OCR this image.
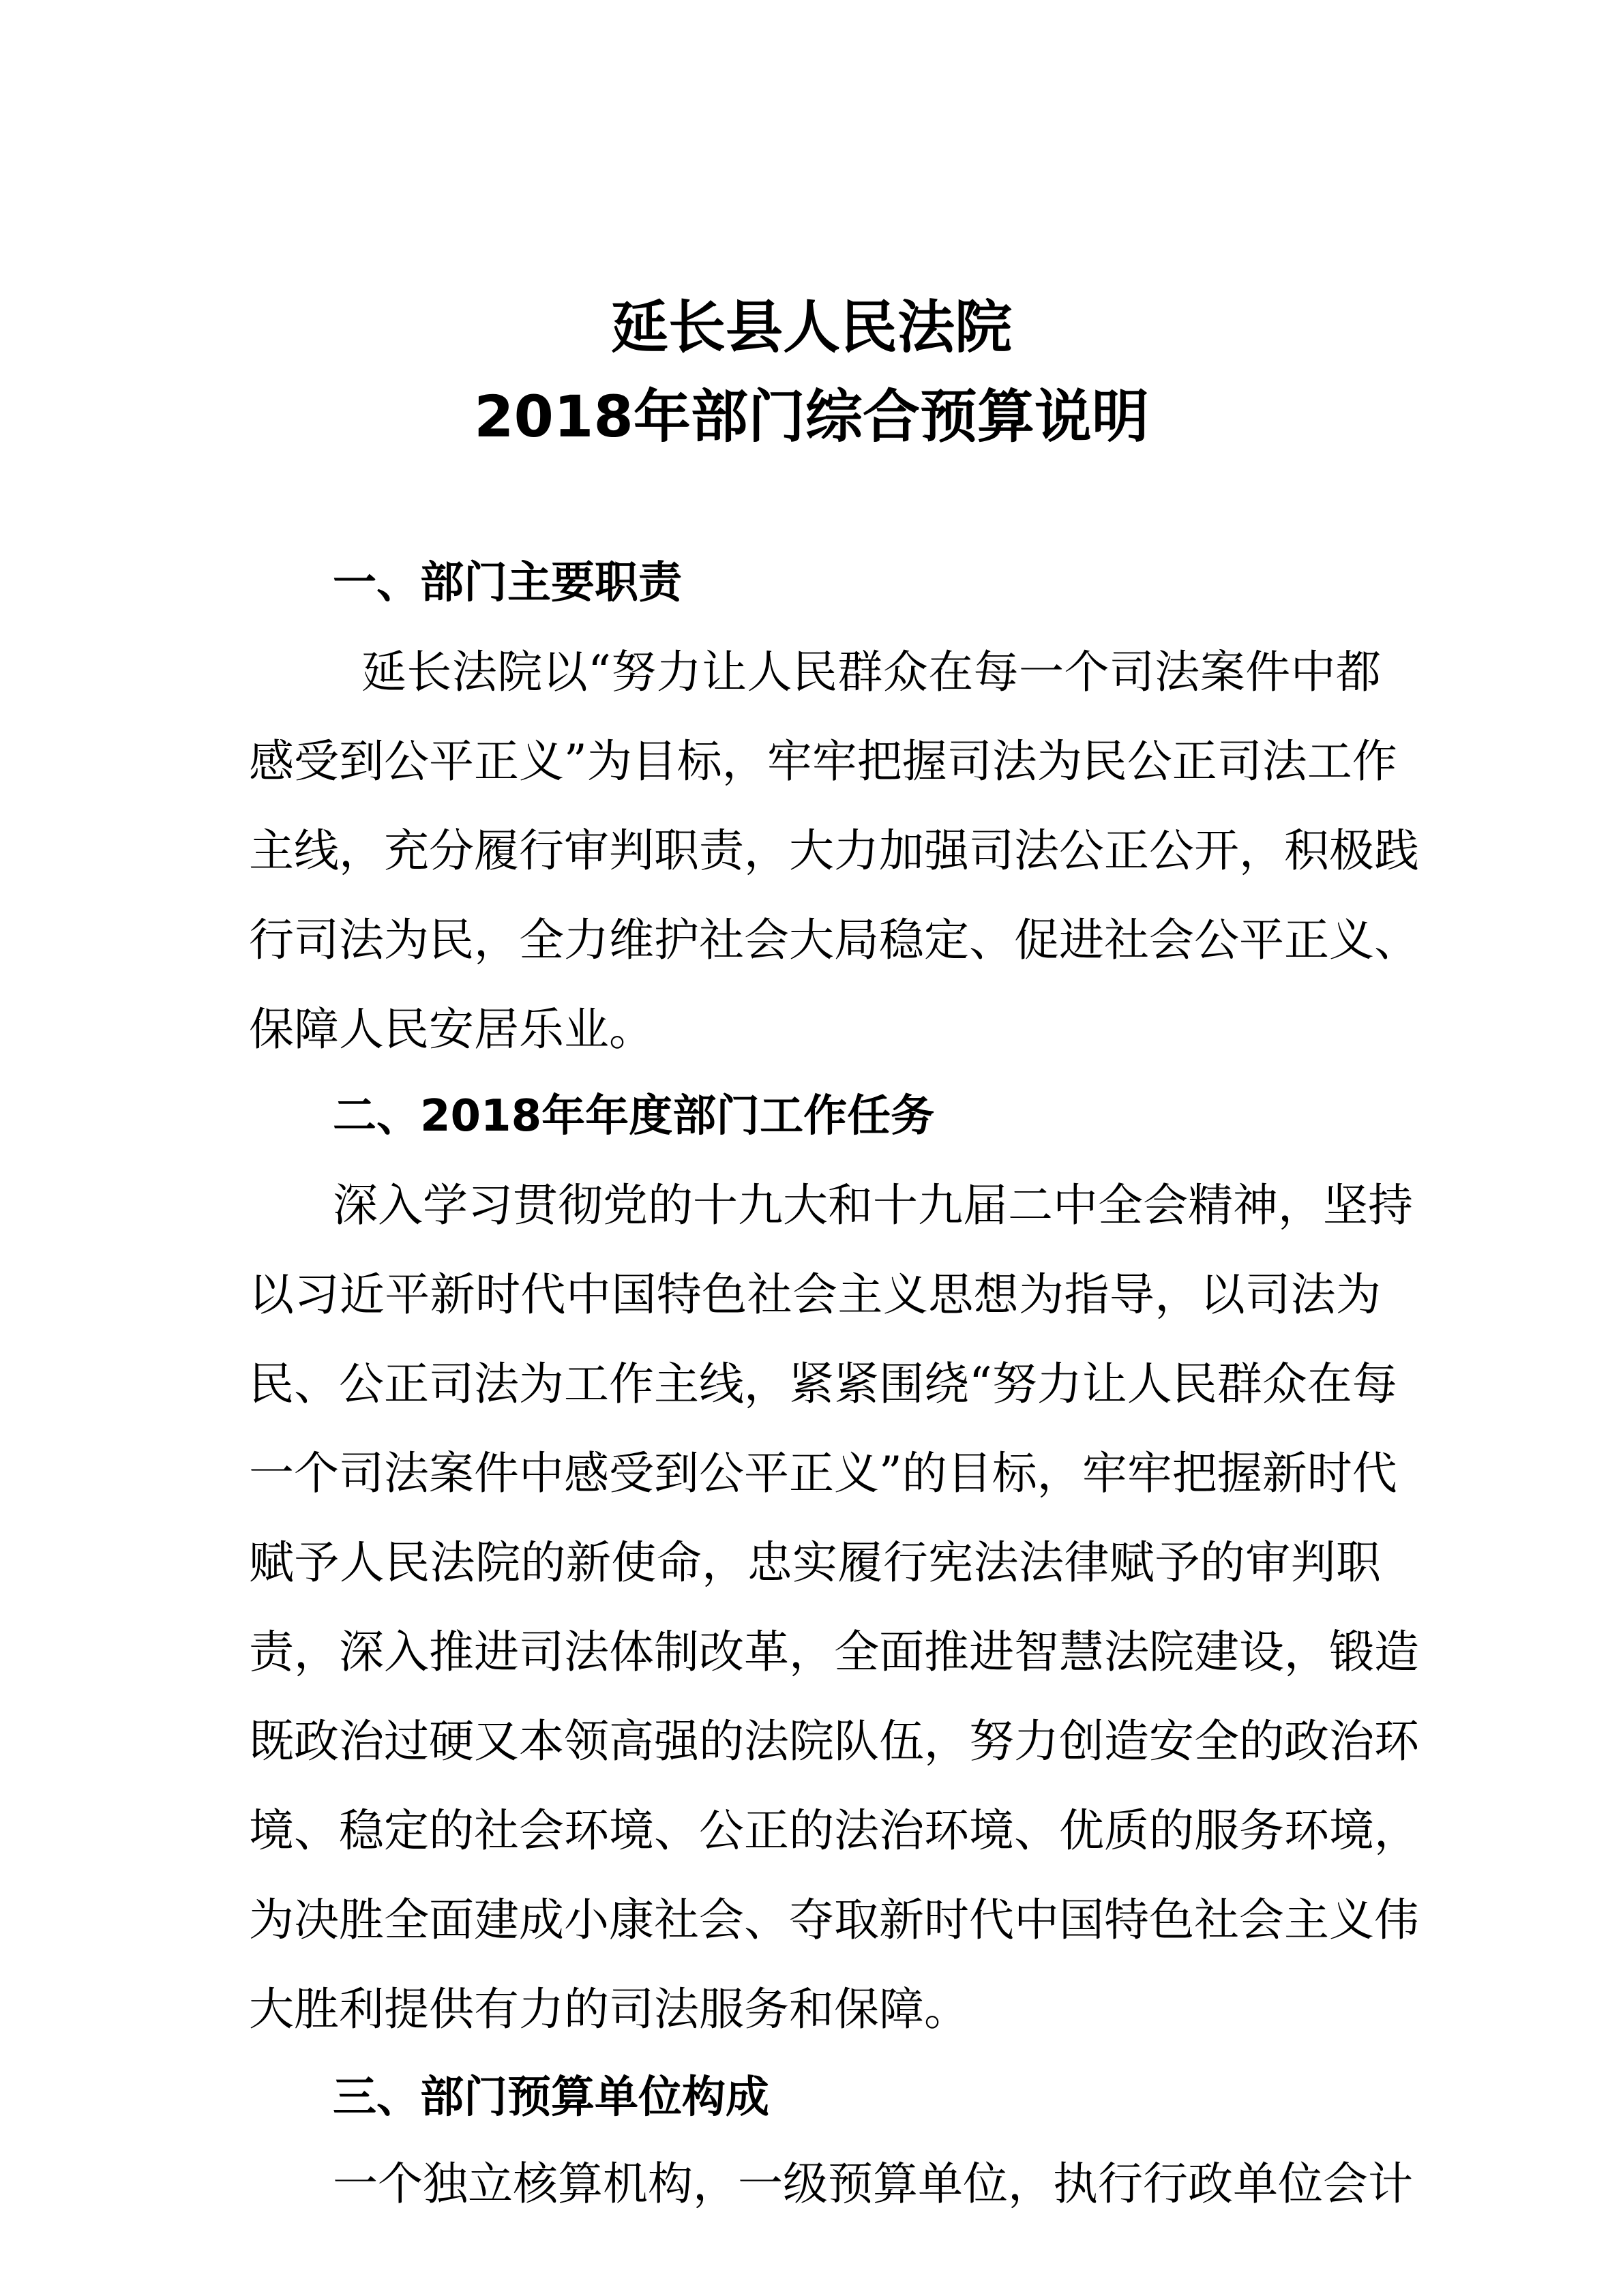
延长县人民法院
2018年部门综合预算说明
一、部门主要职责
延长法院以“努力让人民群众在每一个司法案件中都
感受到公平正义”为目标，牢牢把握司法为民公正司法工作
主线，充分履行审判职责，大力加强司法公正公开，积极践
行司法为民，全力维护社会大局稳定、促进社会公平正义、
保障人民安居乐业。
二、2018年年度部门工作任务
深入学习贯彻党的十九大和十九届二中全会精神，坚持
以习近平新时代中国特色社会主义思想为指导，以司法为
民、公正司法为工作主线，紧紧围绕“努力让人民群众在每
一个司法案件中感受到公平正义”的目标，牢牢把握新时代
赋予人民法院的新使命，忠实履行宪法法律赋予的审判职
责，深入推进司法体制改革，全面推进智慧法院建设，锻造
既政治过硬又本领高强的法院队伍，努力创造安全的政治环
境、稳定的社会环境、公正的法治环境、优质的服务环境，
为决胜全面建成小康社会、夺取新时代中国特色社会主义伟
大胜利提供有力的司法服务和保障。
三、部门预算单位构成
一个独立核算机构，一级预算单位，执行行政单位会计
